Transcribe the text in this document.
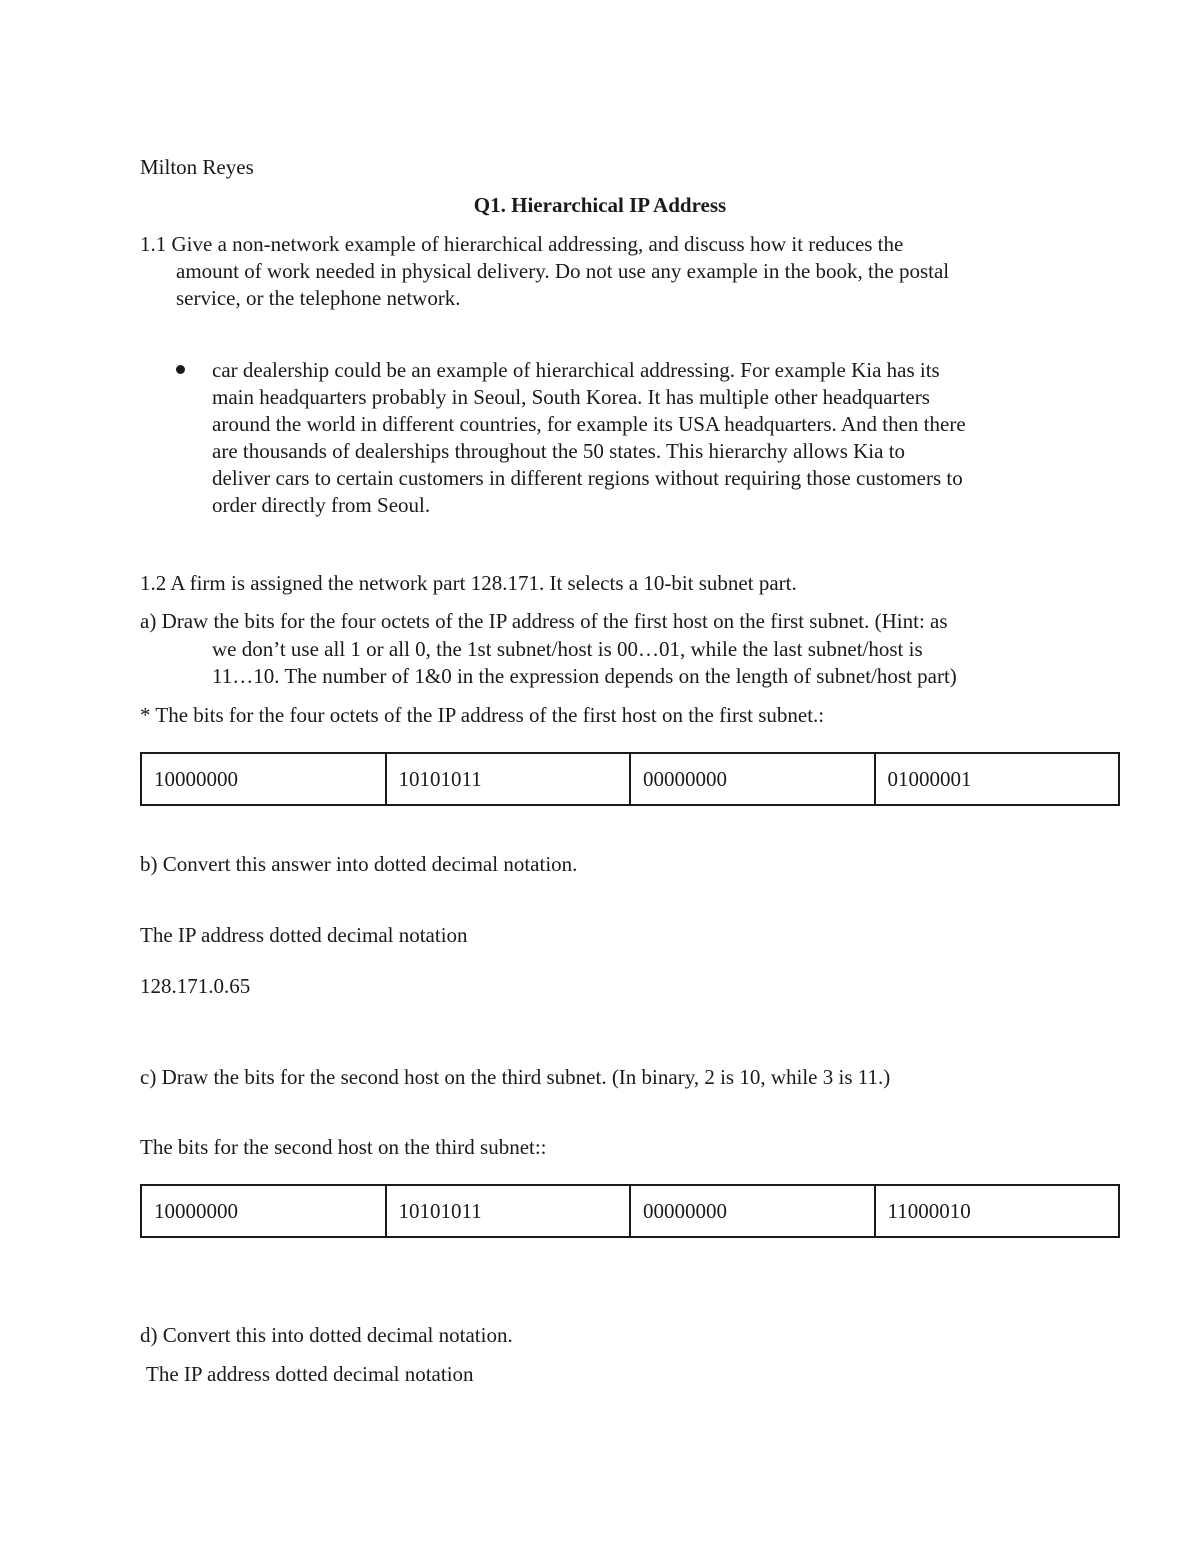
Milton Reyes
Q1. Hierarchical IP Address
1.1 Give a non-network example of hierarchical addressing, and discuss how it reduces the
amount of work needed in physical delivery. Do not use any example in the book, the postal
service, or the telephone network.
car dealership could be an example of hierarchical addressing. For example Kia has its
main headquarters probably in Seoul, South Korea. It has multiple other headquarters
around the world in different countries, for example its USA headquarters. And then there
are thousands of dealerships throughout the 50 states. This hierarchy allows Kia to
deliver cars to certain customers in different regions without requiring those customers to
order directly from Seoul.
1.2 A firm is assigned the network part 128.171. It selects a 10-bit subnet part.
a) Draw the bits for the four octets of the IP address of the first host on the first subnet. (Hint: as
we don’t use all 1 or all 0, the 1st subnet/host is 00…01, while the last subnet/host is
11…10. The number of 1&0 in the expression depends on the length of subnet/host part)
* The bits for the four octets of the IP address of the first host on the first subnet.:
10000000	10101011	00000000	01000001
b) Convert this answer into dotted decimal notation.
The IP address dotted decimal notation
128.171.0.65
c) Draw the bits for the second host on the third subnet. (In binary, 2 is 10, while 3 is 11.)
The bits for the second host on the third subnet::
10000000	10101011	00000000	11000010
d) Convert this into dotted decimal notation.
The IP address dotted decimal notation
